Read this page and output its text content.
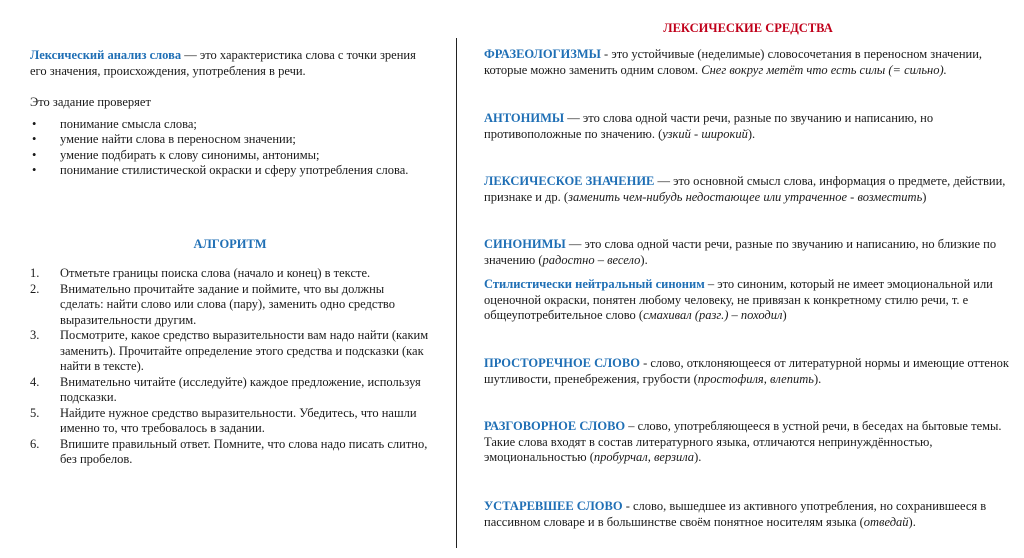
Лексический анализ слова — это характеристика слова с точки зрения его значения, происхождения, употребления в речи.

Это задание проверяет

• понимание смысла слова;
• умение найти слова в переносном значении;
• умение подбирать к слову синонимы, антонимы;
• понимание стилистической окраски и сферу употребления слова.
АЛГОРИТМ
1. Отметьте границы поиска слова (начало и конец) в тексте.
2. Внимательно прочитайте задание и поймите, что вы должны сделать: найти слово или слова (пару), заменить одно средство выразительности другим.
3. Посмотрите, какое средство выразительности вам надо найти (каким заменить). Прочитайте определение этого средства и подсказки (как найти в тексте).
4. Внимательно читайте (исследуйте) каждое предложение, используя подсказки.
5. Найдите нужное средство выразительности. Убедитесь, что нашли именно то, что требовалось в задании.
6. Впишите правильный ответ. Помните, что слова надо писать слитно, без пробелов.
ЛЕКСИЧЕСКИЕ СРЕДСТВА

ФРАЗЕОЛОГИЗМЫ - это устойчивые (неделимые) словосочетания в переносном значении, которые можно заменить одним словом. Снег вокруг метёт что есть силы (= сильно).

АНТОНИМЫ — это слова одной части речи, разные по звучанию и написанию, но противоположные по значению. (узкий - широкий).

ЛЕКСИЧЕСКОЕ ЗНАЧЕНИЕ — это основной смысл слова, информация о предмете, действии, признаке и др. (заменить чем-нибудь недостающее или утраченное - возместить)

СИНОНИМЫ — это слова одной части речи, разные по звучанию и написанию, но близкие по значению (радостно – весело).

Стилистически нейтральный синоним – это синоним, который не имеет эмоциональной или оценочной окраски, понятен любому человеку, не привязан к конкретному стилю речи, т. е общеупотребительное слово (смахивал (разг.) – походил)

ПРОСТОРЕЧНОЕ СЛОВО - слово, отклоняющееся от литературной нормы и имеющие оттенок шутливости, пренебрежения, грубости (простофиля, влепить).

РАЗГОВОРНОЕ СЛОВО – слово, употребляющееся в устной речи, в беседах на бытовые темы. Такие слова входят в состав литературного языка, отличаются непринуждённостью, эмоциональностью (пробурчал, верзила).

УСТАРЕВШЕЕ СЛОВО - слово, вышедшее из активного употребления, но сохранившееся в пассивном словаре и в большинстве своём понятное носителям языка (отведай).
